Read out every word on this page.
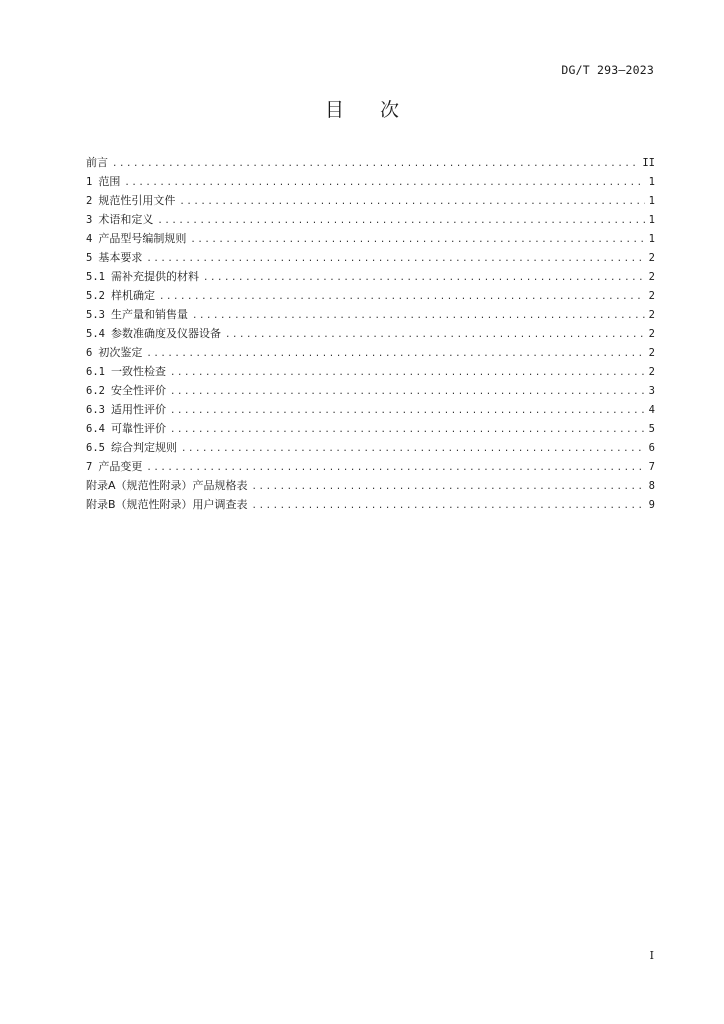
DG/T 293—2023
目次
前言 .....	II
1 范围 .....	1
2 规范性引用文件 .....	1
3 术语和定义 .....	1
4 产品型号编制规则 .....	1
5 基本要求 .....	2
5.1 需补充提供的材料 .....	2
5.2 样机确定 .....	2
5.3 生产量和销售量 .....	2
5.4 参数准确度及仪器设备 .....	2
6 初次鉴定 .....	2
6.1 一致性检查 .....	2
6.2 安全性评价 .....	3
6.3 适用性评价 .....	4
6.4 可靠性评价 .....	5
6.5 综合判定规则 .....	6
7 产品变更 .....	7
附录A（规范性附录）产品规格表 .....	8
附录B（规范性附录）用户调查表 .....	9
I
